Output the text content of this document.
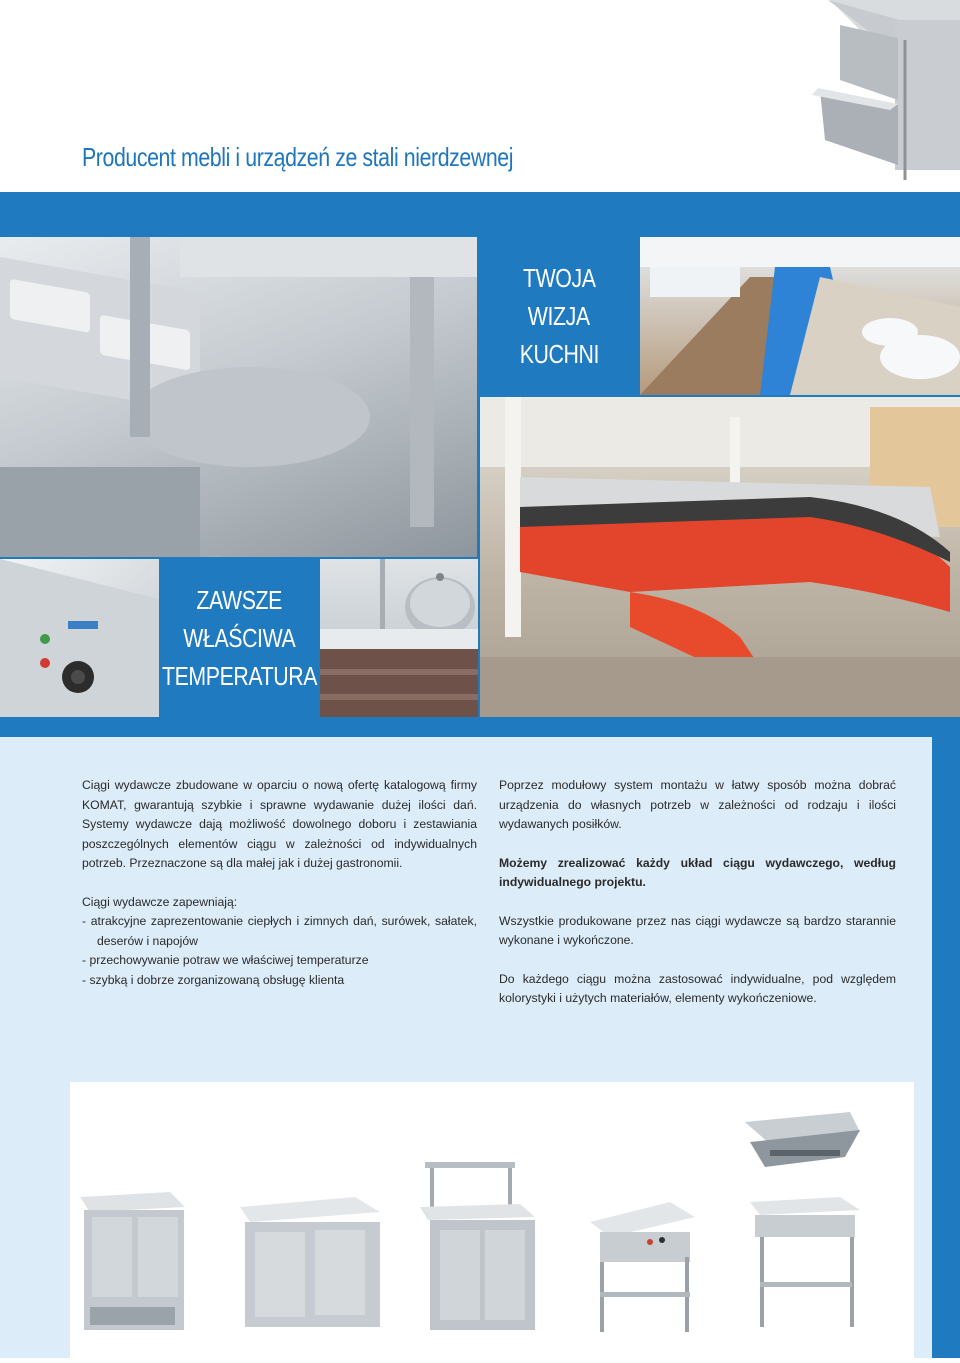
Producent mebli i urządzeń ze stali nierdzewnej
TWOJA
WIZJA
KUCHNI
ZAWSZE
WŁAŚCIWA
TEMPERATURA

Ciągi wydawcze zbudowane w oparciu o nową ofertę katalogową firmy KOMAT, gwarantują szybkie i sprawne wydawanie dużej ilości dań. Systemy wydawcze dają możliwość dowolnego doboru i zestawiania poszczególnych elementów ciągu w zależności od indywidualnych potrzeb. Przeznaczone są dla małej jak i dużej gastronomii.

Ciągi wydawcze zapewniają:
- atrakcyjne zaprezentowanie ciepłych i zimnych dań, surówek, sałatek, deserów i napojów
- przechowywanie potraw we właściwej temperaturze
- szybką i dobrze zorganizowaną obsługę klienta

Poprzez modułowy system montażu w łatwy sposób można dobrać urządzenia do własnych potrzeb w zależności od rodzaju i ilości wydawanych posiłków.

Możemy zrealizować każdy układ ciągu wydawczego, według indywidualnego projektu.

Wszystkie produkowane przez nas ciągi wydawcze są bardzo starannie wykonane i wykończone.

Do każdego ciągu można zastosować indywidualne, pod względem kolorystyki i użytych materiałów, elementy wykończeniowe.
